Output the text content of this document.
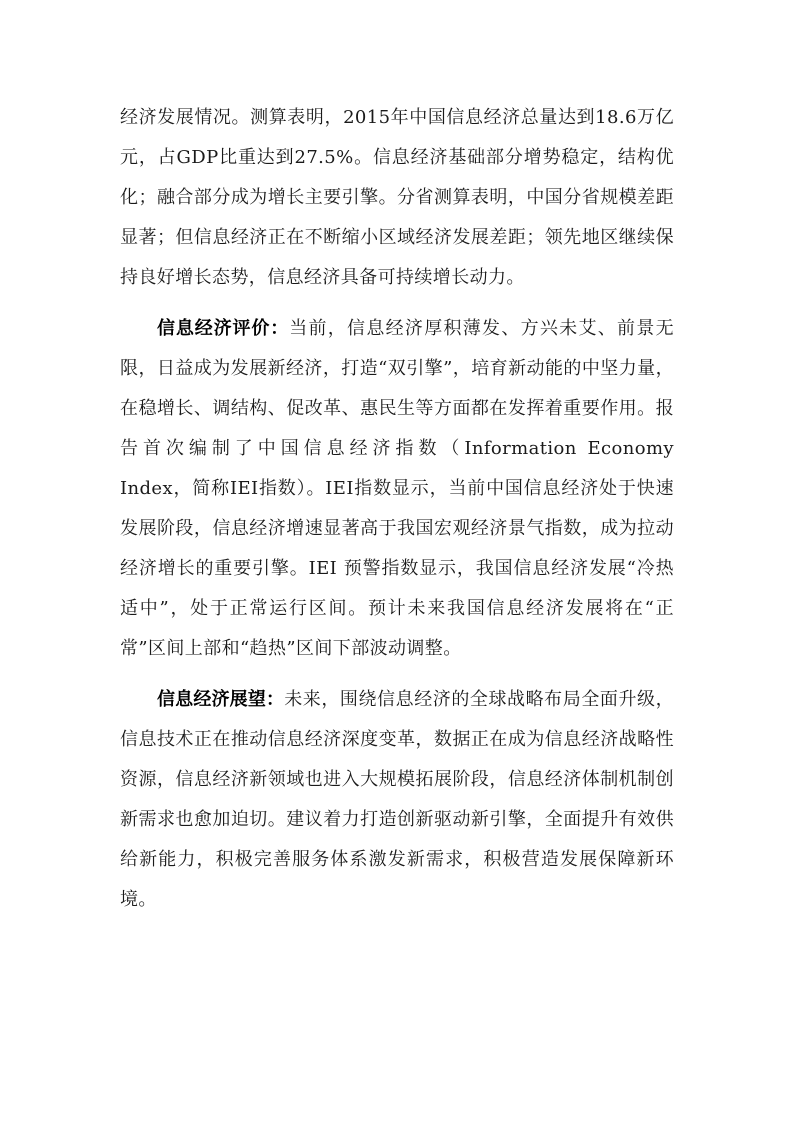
经济发展情况。测算表明，2015年中国信息经济总量达到18.6万亿元，占GDP比重达到27.5%。信息经济基础部分增势稳定，结构优化；融合部分成为增长主要引擎。分省测算表明，中国分省规模差距显著；但信息经济正在不断缩小区域经济发展差距；领先地区继续保持良好增长态势，信息经济具备可持续增长动力。

信息经济评价：当前，信息经济厚积薄发、方兴未艾、前景无限，日益成为发展新经济，打造“双引擎”，培育新动能的中坚力量，在稳增长、调结构、促改革、惠民生等方面都在发挥着重要作用。报告首次编制了中国信息经济指数（Information Economy Index，简称IEI指数）。IEI指数显示，当前中国信息经济处于快速发展阶段，信息经济增速显著高于我国宏观经济景气指数，成为拉动经济增长的重要引擎。IEI 预警指数显示，我国信息经济发展“冷热适中”，处于正常运行区间。预计未来我国信息经济发展将在“正常”区间上部和“趋热”区间下部波动调整。

信息经济展望：未来，围绕信息经济的全球战略布局全面升级，信息技术正在推动信息经济深度变革，数据正在成为信息经济战略性资源，信息经济新领域也进入大规模拓展阶段，信息经济体制机制创新需求也愈加迫切。建议着力打造创新驱动新引擎，全面提升有效供给新能力，积极完善服务体系激发新需求，积极营造发展保障新环境。
